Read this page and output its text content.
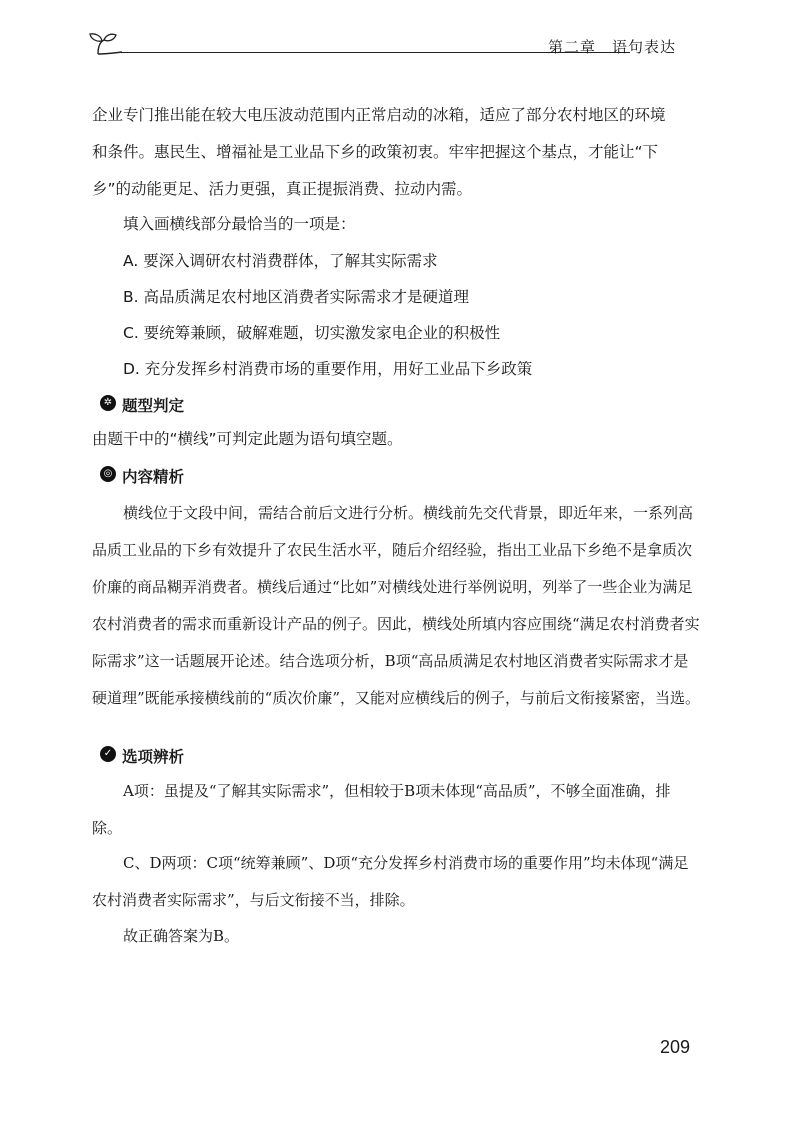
第二章　语句表达

企业专门推出能在较大电压波动范围内正常启动的冰箱，适应了部分农村地区的环境

和条件。惠民生、增福祉是工业品下乡的政策初衷。牢牢把握这个基点，才能让“下

乡”的动能更足、活力更强，真正提振消费、拉动内需。

填入画横线部分最恰当的一项是：

A. 要深入调研农村消费群体，了解其实际需求

B. 高品质满足农村地区消费者实际需求才是硬道理

C. 要统筹兼顾，破解难题，切实激发家电企业的积极性

D. 充分发挥乡村消费市场的重要作用，用好工业品下乡政策

✲ 题型判定

由题干中的“横线”可判定此题为语句填空题。

◎ 内容精析

横线位于文段中间，需结合前后文进行分析。横线前先交代背景，即近年来，一系列高品质工业品的下乡有效提升了农民生活水平，随后介绍经验，指出工业品下乡绝不是拿质次价廉的商品糊弄消费者。横线后通过“比如”对横线处进行举例说明，列举了一些企业为满足农村消费者的需求而重新设计产品的例子。因此，横线处所填内容应围绕“满足农村消费者实际需求”这一话题展开论述。结合选项分析，B项“高品质满足农村地区消费者实际需求才是硬道理”既能承接横线前的“质次价廉”，又能对应横线后的例子，与前后文衔接紧密，当选。

✓ 选项辨析

A项：虽提及“了解其实际需求”，但相较于B项未体现“高品质”，不够全面准确，排除。

C、D两项：C项“统筹兼顾”、D项“充分发挥乡村消费市场的重要作用”均未体现“满足农村消费者实际需求”，与后文衔接不当，排除。

故正确答案为B。

209
